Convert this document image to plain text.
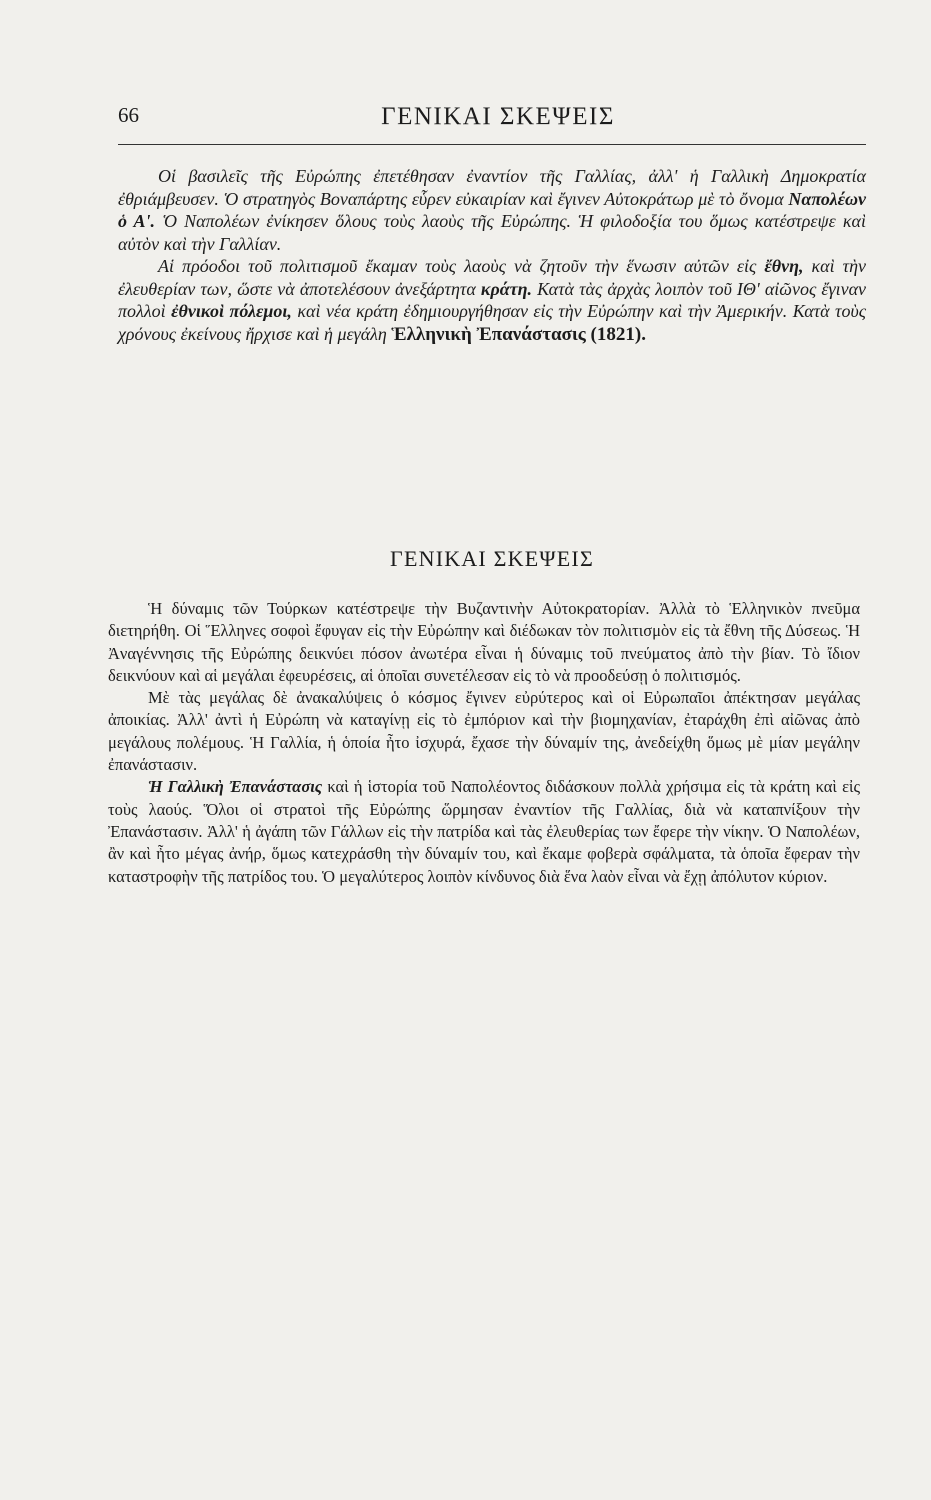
66	ΓΕΝΙΚΑΙ ΣΚΕΨΕΙΣ

Οἱ βασιλεῖς τῆς Εὐρώπης ἐπετέθησαν ἐναντίον τῆς Γαλλίας, ἀλλ' ἡ Γαλλικὴ Δημοκρατία ἐθριάμβευσεν. Ὁ στρατηγὸς Βοναπάρτης εὗρεν εὐκαιρίαν καὶ ἔγινεν Αὐτοκράτωρ μὲ τὸ ὄνομα Ναπολέων ὁ Α'. Ὁ Ναπολέων ἐνίκησεν ὅλους τοὺς λαοὺς τῆς Εὐρώπης. Ἡ φιλοδοξία του ὅμως κατέστρεψε καὶ αὐτὸν καὶ τὴν Γαλλίαν.

Αἱ πρόοδοι τοῦ πολιτισμοῦ ἔκαμαν τοὺς λαοὺς νὰ ζητοῦν τὴν ἕνωσιν αὐτῶν εἰς ἔθνη, καὶ τὴν ἐλευθερίαν των, ὥστε νὰ ἀποτελέσουν ἀνεξάρτητα κράτη. Κατὰ τὰς ἀρχὰς λοιπὸν τοῦ ΙΘ' αἰῶνος ἔγιναν πολλοὶ ἐθνικοὶ πόλεμοι, καὶ νέα κράτη ἐδημιουργήθησαν εἰς τὴν Εὐρώπην καὶ τὴν Ἀμερικήν. Κατὰ τοὺς χρόνους ἐκείνους ἤρχισε καὶ ἡ μεγάλη Ἑλληνικὴ Ἐπανάστασις (1821).

ΓΕΝΙΚΑΙ ΣΚΕΨΕΙΣ

Ἡ δύναμις τῶν Τούρκων κατέστρεψε τὴν Βυζαντινὴν Αὐτοκρατορίαν. Ἀλλὰ τὸ Ἑλληνικὸν πνεῦμα διετηρήθη. Οἱ Ἕλληνες σοφοὶ ἔφυγαν εἰς τὴν Εὐρώπην καὶ διέδωκαν τὸν πολιτισμὸν εἰς τὰ ἔθνη τῆς Δύσεως. Ἡ Ἀναγέννησις τῆς Εὐρώπης δεικνύει πόσον ἀνωτέρα εἶναι ἡ δύναμις τοῦ πνεύματος ἀπὸ τὴν βίαν. Τὸ ἴδιον δεικνύουν καὶ αἱ μεγάλαι ἐφευρέσεις, αἱ ὁποῖαι συνετέλεσαν εἰς τὸ νὰ προοδεύσῃ ὁ πολιτισμός.

Μὲ τὰς μεγάλας δὲ ἀνακαλύψεις ὁ κόσμος ἔγινεν εὐρύτερος καὶ οἱ Εὐρωπαῖοι ἀπέκτησαν μεγάλας ἀποικίας. Ἀλλ' ἀντὶ ἡ Εὐρώπη νὰ καταγίνῃ εἰς τὸ ἐμπόριον καὶ τὴν βιομηχανίαν, ἐταράχθη ἐπὶ αἰῶνας ἀπὸ μεγάλους πολέμους. Ἡ Γαλλία, ἡ ὁποία ἦτο ἰσχυρά, ἔχασε τὴν δύναμίν της, ἀνεδείχθη ὅμως μὲ μίαν μεγάλην ἐπανάστασιν.

Ἡ Γαλλικὴ Ἐπανάστασις καὶ ἡ ἱστορία τοῦ Ναπολέοντος διδάσκουν πολλὰ χρήσιμα εἰς τὰ κράτη καὶ εἰς τοὺς λαούς. Ὅλοι οἱ στρατοὶ τῆς Εὐρώπης ὥρμησαν ἐναντίον τῆς Γαλλίας, διὰ νὰ καταπνίξουν τὴν Ἐπανάστασιν. Ἀλλ' ἡ ἀγάπη τῶν Γάλλων εἰς τὴν πατρίδα καὶ τὰς ἐλευθερίας των ἔφερε τὴν νίκην. Ὁ Ναπολέων, ἂν καὶ ἦτο μέγας ἀνήρ, ὅμως κατεχράσθη τὴν δύναμίν του, καὶ ἔκαμε φοβερὰ σφάλματα, τὰ ὁποῖα ἔφεραν τὴν καταστροφὴν τῆς πατρίδος του. Ὁ μεγαλύτερος λοιπὸν κίνδυνος διὰ ἕνα λαὸν εἶναι νὰ ἔχῃ ἀπόλυτον κύριον.
